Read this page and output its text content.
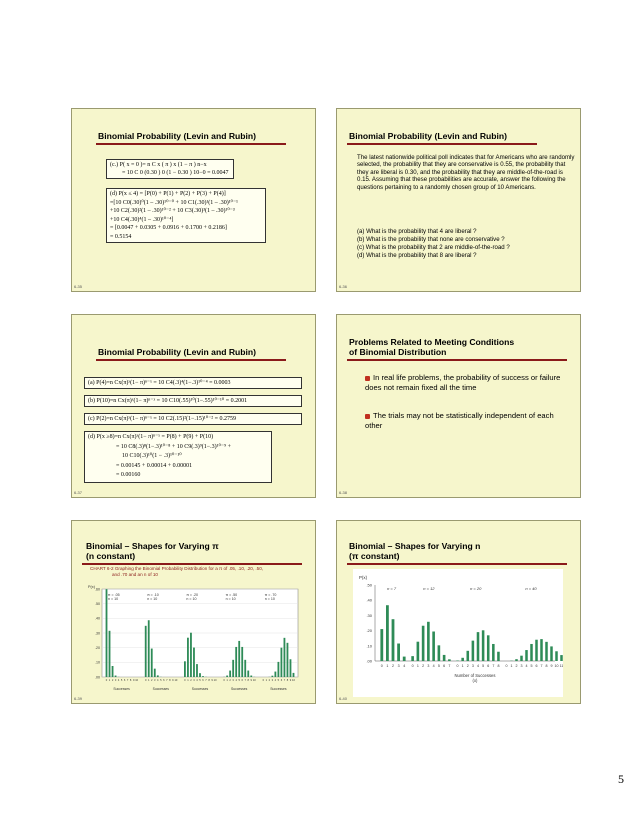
Binomial Probability (Levin and Rubin)
(c.) P( x = 0 )= n C x ( π ) x (1 − π ) n−x
= 10 C 0 (0.30 ) 0 (1 − 0.30 ) 10−0 = 0.0047
(d) P(x ≤ 4) = [P(0) + P(1) + P(2) + P(3) + P(4)]
=[10 C0(.30)⁰(1 – .30)¹⁰⁻⁰ + 10 C1(.30)¹(1 – .30)¹⁰⁻¹
+10 C2(.30)²(1 – .30)¹⁰⁻² + 10 C3(.30)³(1 – .30)¹⁰⁻³
+10 C4(.30)⁴(1 – .30)¹⁰⁻⁴]
= [0.0047 + 0.0305 + 0.0916 + 0.1700 + 0.2186]
= 0.5154
6-35
Binomial Probability (Levin and Rubin)
The latest nationwide political poll indicates that for Americans who are randomly selected, the probability that they are conservative is 0.55, the probability that they are liberal is 0.30, and the probability that they are middle-of-the-road is 0.15. Assuming that these probabilities are accurate, answer the following the questions pertaining to a randomly chosen group of 10 Americans.
(a) What is the probability that 4 are liberal ?
(b) What is the probability that none are conservative ?
(c) What is the probability that 2 are middle-of-the-road ?
(d) What is the probability that 8 are liberal ?
6-36
Binomial Probability (Levin and Rubin)
(a) P(4)=n Cx(π)ˣ(1− π)ⁿ⁻ˣ = 10 C4(.3)⁴(1−.3)¹⁰⁻⁴ = 0.0003
(b) P(10)=n Cx(π)ˣ(1− π)ⁿ⁻ˣ = 10 C10(.55)¹⁰(1−.55)¹⁰⁻¹⁰ = 0.2001
(c) P(2)=n Cx(π)ˣ(1− π)ⁿ⁻ˣ = 10 C2(.15)²(1−.15)¹⁰⁻² = 0.2759
(d) P(x ≥8)=n Cx(π)ˣ(1− π)ⁿ⁻ˣ = P(8) + P(9) + P(10)
= 10 C8(.3)⁸(1−.3)¹⁰⁻⁸ + 10 C9(.3)⁹(1−.3)¹⁰⁻⁹ +
10 C10(.3)¹⁰(1 − .3)¹⁰⁻¹⁰
= 0.00145 + 0.00014 + 0.00001
= 0.00160
6-37
Problems Related to Meeting Conditions
of Binomial Distribution
In real life problems, the probability of success or failure does not remain fixed all the time
The trials may not be statistically independent of each other
6-38
Binomial – Shapes for Varying π
(n constant)
CHART 6-2 Graphing the Binomial Probability Distribution for a π of .05, .10, .20, .50,
and .70 and an n of 10
P(x)
.60
.50
.40
.30
.20
.10
.00
π = .05
n = 10
0 1 2 3 4 5 6 7 8 9 10
Successes
π = .10
n = 10
0 1 2 3 4 5 6 7 8 9 10
Successes
π = .20
n = 10
0 1 2 3 4 5 6 7 8 9 10
Successes
π = .50
n = 10
0 1 2 3 4 5 6 7 8 9 10
Successes
π = .70
n = 10
0 1 2 3 4 5 6 7 8 9 10
Successes
6-39
Binomial – Shapes for Varying n
(π constant)
P(x)
.50
.40
.30
.20
.10
.00
n = 7
0 1 2 3 4
n = 12
0 1 2 3 4 5 6 7
n = 20
0 1 2 3 4 5 6 7 8
n = 40
0 1 2 3 4 5 6 7 8 9 10 11
Number of Successes
(x)
6-40
5
